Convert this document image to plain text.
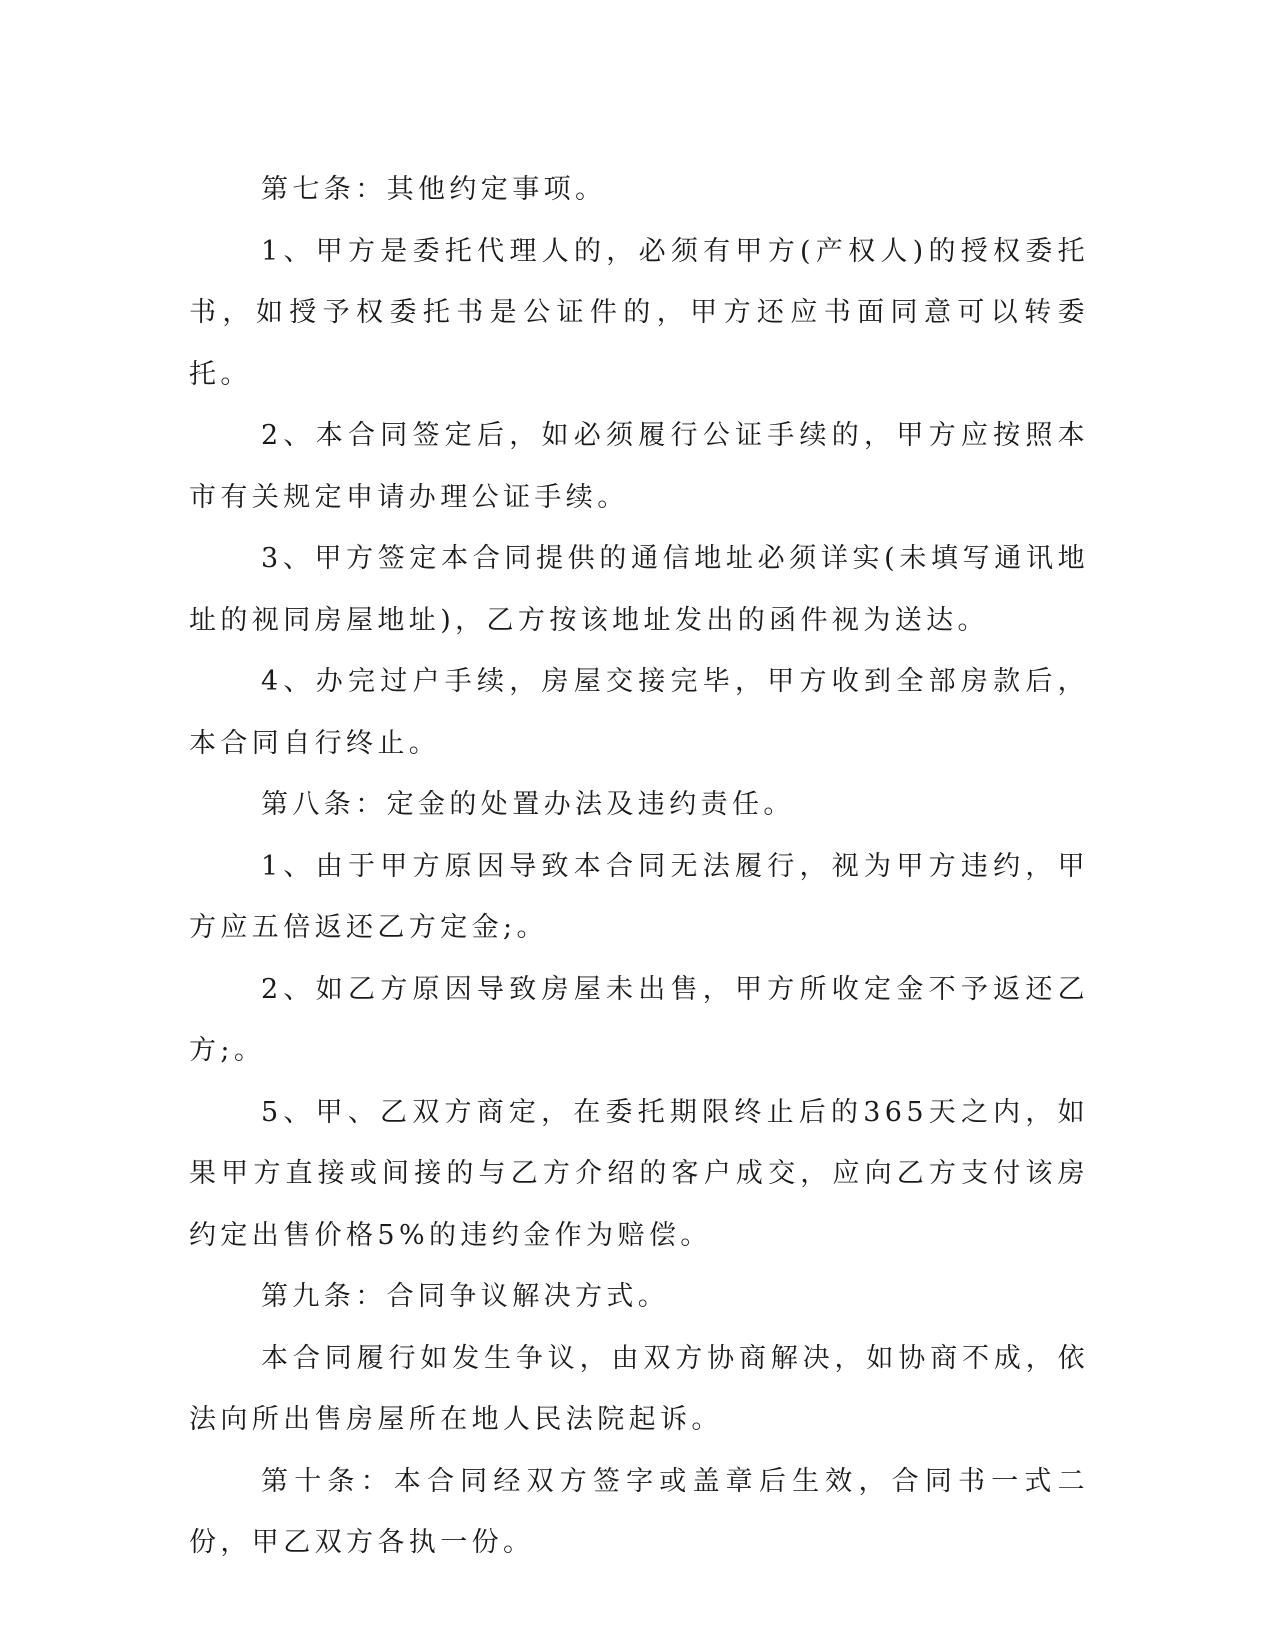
第七条：其他约定事项。

1、甲方是委托代理人的，必须有甲方(产权人)的授权委托书，如授予权委托书是公证件的，甲方还应书面同意可以转委托。

2、本合同签定后，如必须履行公证手续的，甲方应按照本市有关规定申请办理公证手续。

3、甲方签定本合同提供的通信地址必须详实(未填写通讯地址的视同房屋地址)，乙方按该地址发出的函件视为送达。

4、办完过户手续，房屋交接完毕，甲方收到全部房款后，本合同自行终止。

第八条：定金的处置办法及违约责任。

1、由于甲方原因导致本合同无法履行，视为甲方违约，甲方应五倍返还乙方定金;。

2、如乙方原因导致房屋未出售，甲方所收定金不予返还乙方;。

5、甲、乙双方商定，在委托期限终止后的365天之内，如果甲方直接或间接的与乙方介绍的客户成交，应向乙方支付该房约定出售价格5%的违约金作为赔偿。

第九条：合同争议解决方式。

本合同履行如发生争议，由双方协商解决，如协商不成，依法向所出售房屋所在地人民法院起诉。

第十条：本合同经双方签字或盖章后生效，合同书一式二份，甲乙双方各执一份。
